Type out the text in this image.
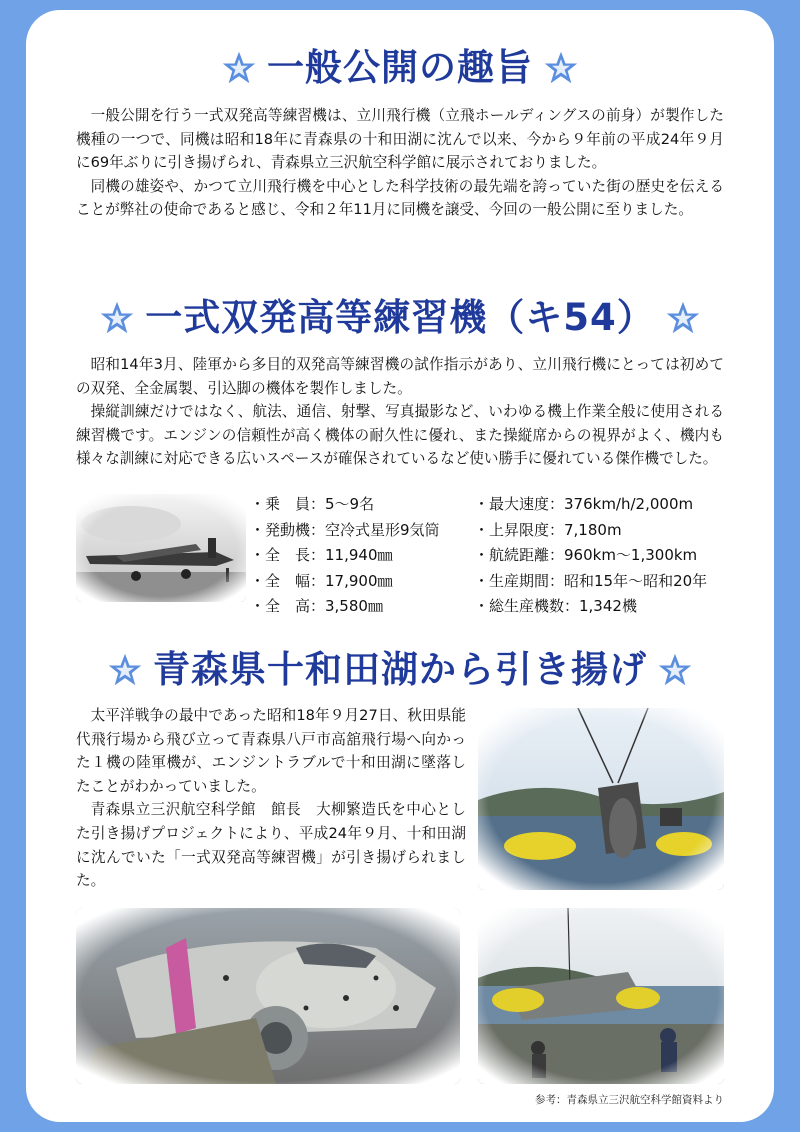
一般公開の趣旨

一般公開を行う一式双発高等練習機は、立川飛行機（立飛ホールディングスの前身）が製作した機種の一つで、同機は昭和18年に青森県の十和田湖に沈んで以来、今から９年前の平成24年９月に69年ぶりに引き揚げられ、青森県立三沢航空科学館に展示されておりました。

同機の雄姿や、かつて立川飛行機を中心とした科学技術の最先端を誇っていた街の歴史を伝えることが弊社の使命であると感じ、令和２年11月に同機を譲受、今回の一般公開に至りました。

一式双発高等練習機（キ54）

昭和14年3月、陸軍から多目的双発高等練習機の試作指示があり、立川飛行機にとっては初めての双発、全金属製、引込脚の機体を製作しました。

操縦訓練だけではなく、航法、通信、射撃、写真撮影など、いわゆる機上作業全般に使用される練習機です。エンジンの信頼性が高く機体の耐久性に優れ、また操縦席からの視界がよく、機内も様々な訓練に対応できる広いスペースが確保されているなど使い勝手に優れている傑作機でした。

・乗　員：5〜9名
・発動機：空冷式星形9気筒
・全　長：11,940㎜
・全　幅：17,900㎜
・全　高：3,580㎜
・最大速度：376km/h/2,000m
・上昇限度：7,180m
・航続距離：960km〜1,300km
・生産期間：昭和15年〜昭和20年
・総生産機数：1,342機
青森県十和田湖から引き揚げ

太平洋戦争の最中であった昭和18年９月27日、秋田県能代飛行場から飛び立って青森県八戸市高舘飛行場へ向かった１機の陸軍機が、エンジントラブルで十和田湖に墜落したことがわかっていました。

青森県立三沢航空科学館　館長　大柳繁造氏を中心とした引き揚げプロジェクトにより、平成24年９月、十和田湖に沈んでいた「一式双発高等練習機」が引き揚げられました。

参考：青森県立三沢航空科学館資料より
